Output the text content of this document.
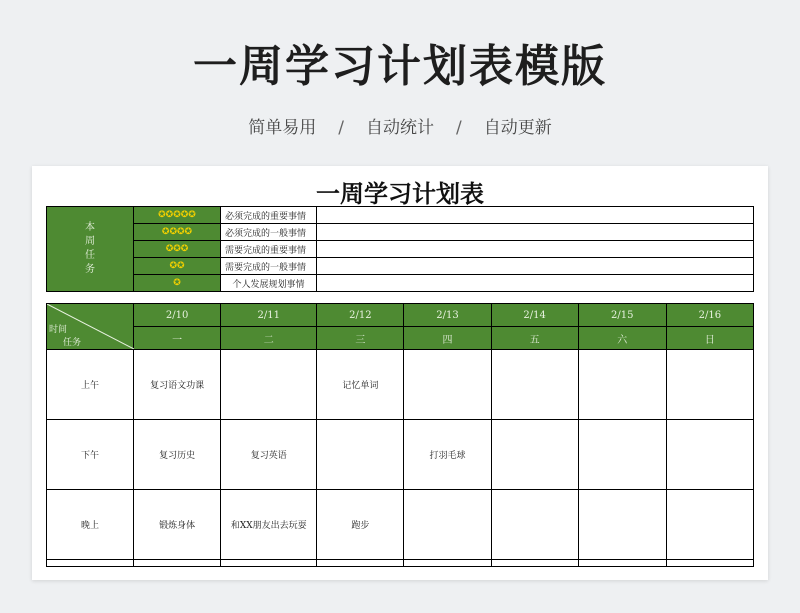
一周学习计划表模版
简单易用 / 自动统计 / 自动更新
一周学习计划表
本
周
任
务	✪✪✪✪✪	必须完成的重要事情	
	✪✪✪✪	必须完成的一般事情	
	✪✪✪	需要完成的重要事情	
	✪✪	需要完成的一般事情	
	✪	个人发展规划事情	
时间
任务	2/10	2/11	2/12	2/13	2/14	2/15	2/16
	一	二	三	四	五	六	日
上午	复习语文功课		记忆单词				
下午	复习历史	复习英语		打羽毛球			
晚上	锻炼身体	和XX朋友出去玩耍	跑步				
